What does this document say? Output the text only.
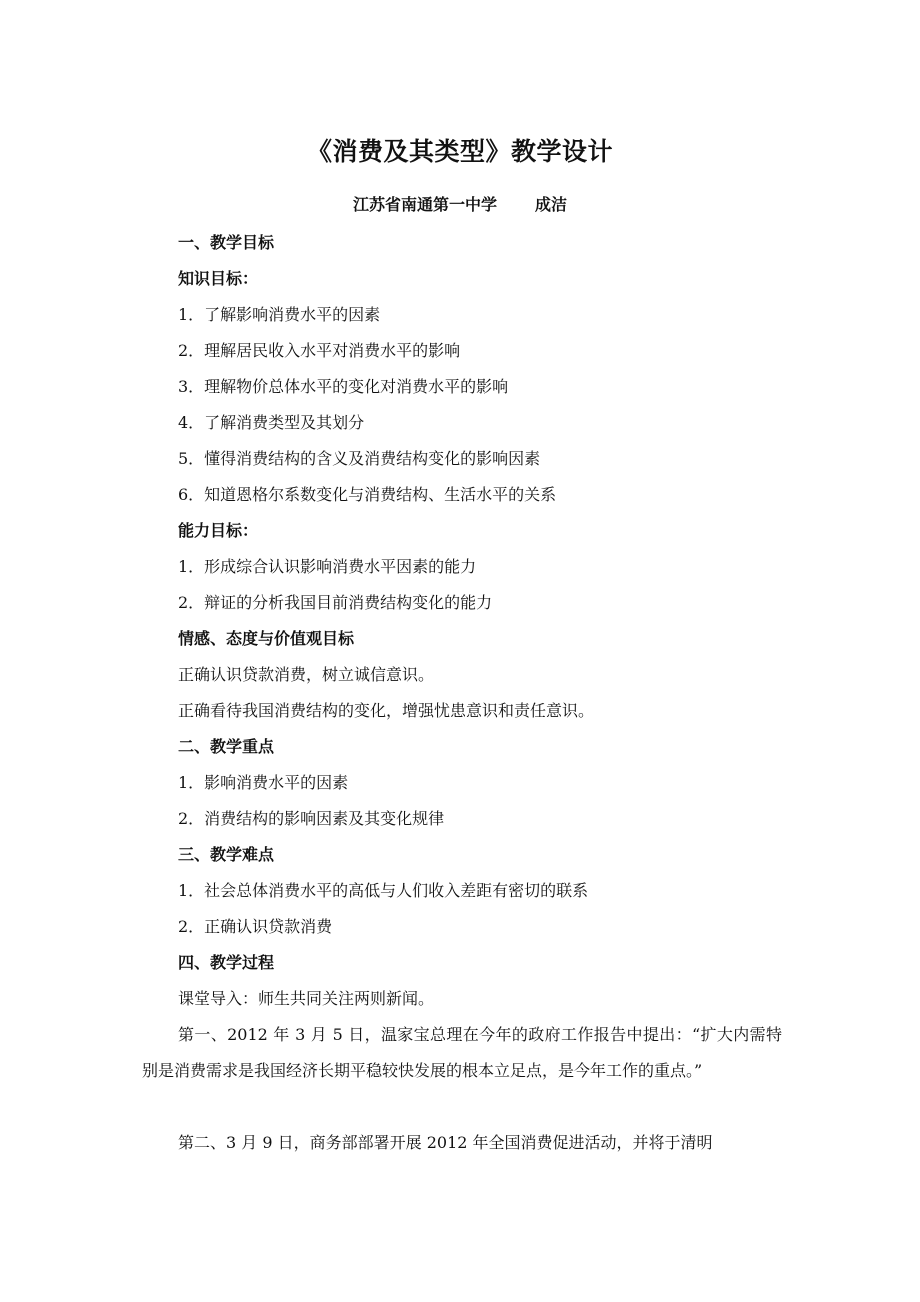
《消费及其类型》教学设计
江苏省南通第一中学 成洁
一、教学目标
知识目标：
1．了解影响消费水平的因素
2．理解居民收入水平对消费水平的影响
3．理解物价总体水平的变化对消费水平的影响
4．了解消费类型及其划分
5．懂得消费结构的含义及消费结构变化的影响因素
6．知道恩格尔系数变化与消费结构、生活水平的关系
能力目标：
1．形成综合认识影响消费水平因素的能力
2．辩证的分析我国目前消费结构变化的能力
情感、态度与价值观目标
正确认识贷款消费，树立诚信意识。
正确看待我国消费结构的变化，增强忧患意识和责任意识。
二、教学重点
1．影响消费水平的因素
2．消费结构的影响因素及其变化规律
三、教学难点
1．社会总体消费水平的高低与人们收入差距有密切的联系
2．正确认识贷款消费
四、教学过程
课堂导入：师生共同关注两则新闻。

第一、2012 年 3 月 5 日，温家宝总理在今年的政府工作报告中提出：“扩大内需特别是消费需求是我国经济长期平稳较快发展的根本立足点，是今年工作的重点。”

第二、3 月 9 日，商务部部署开展 2012 年全国消费促进活动，并将于清明
